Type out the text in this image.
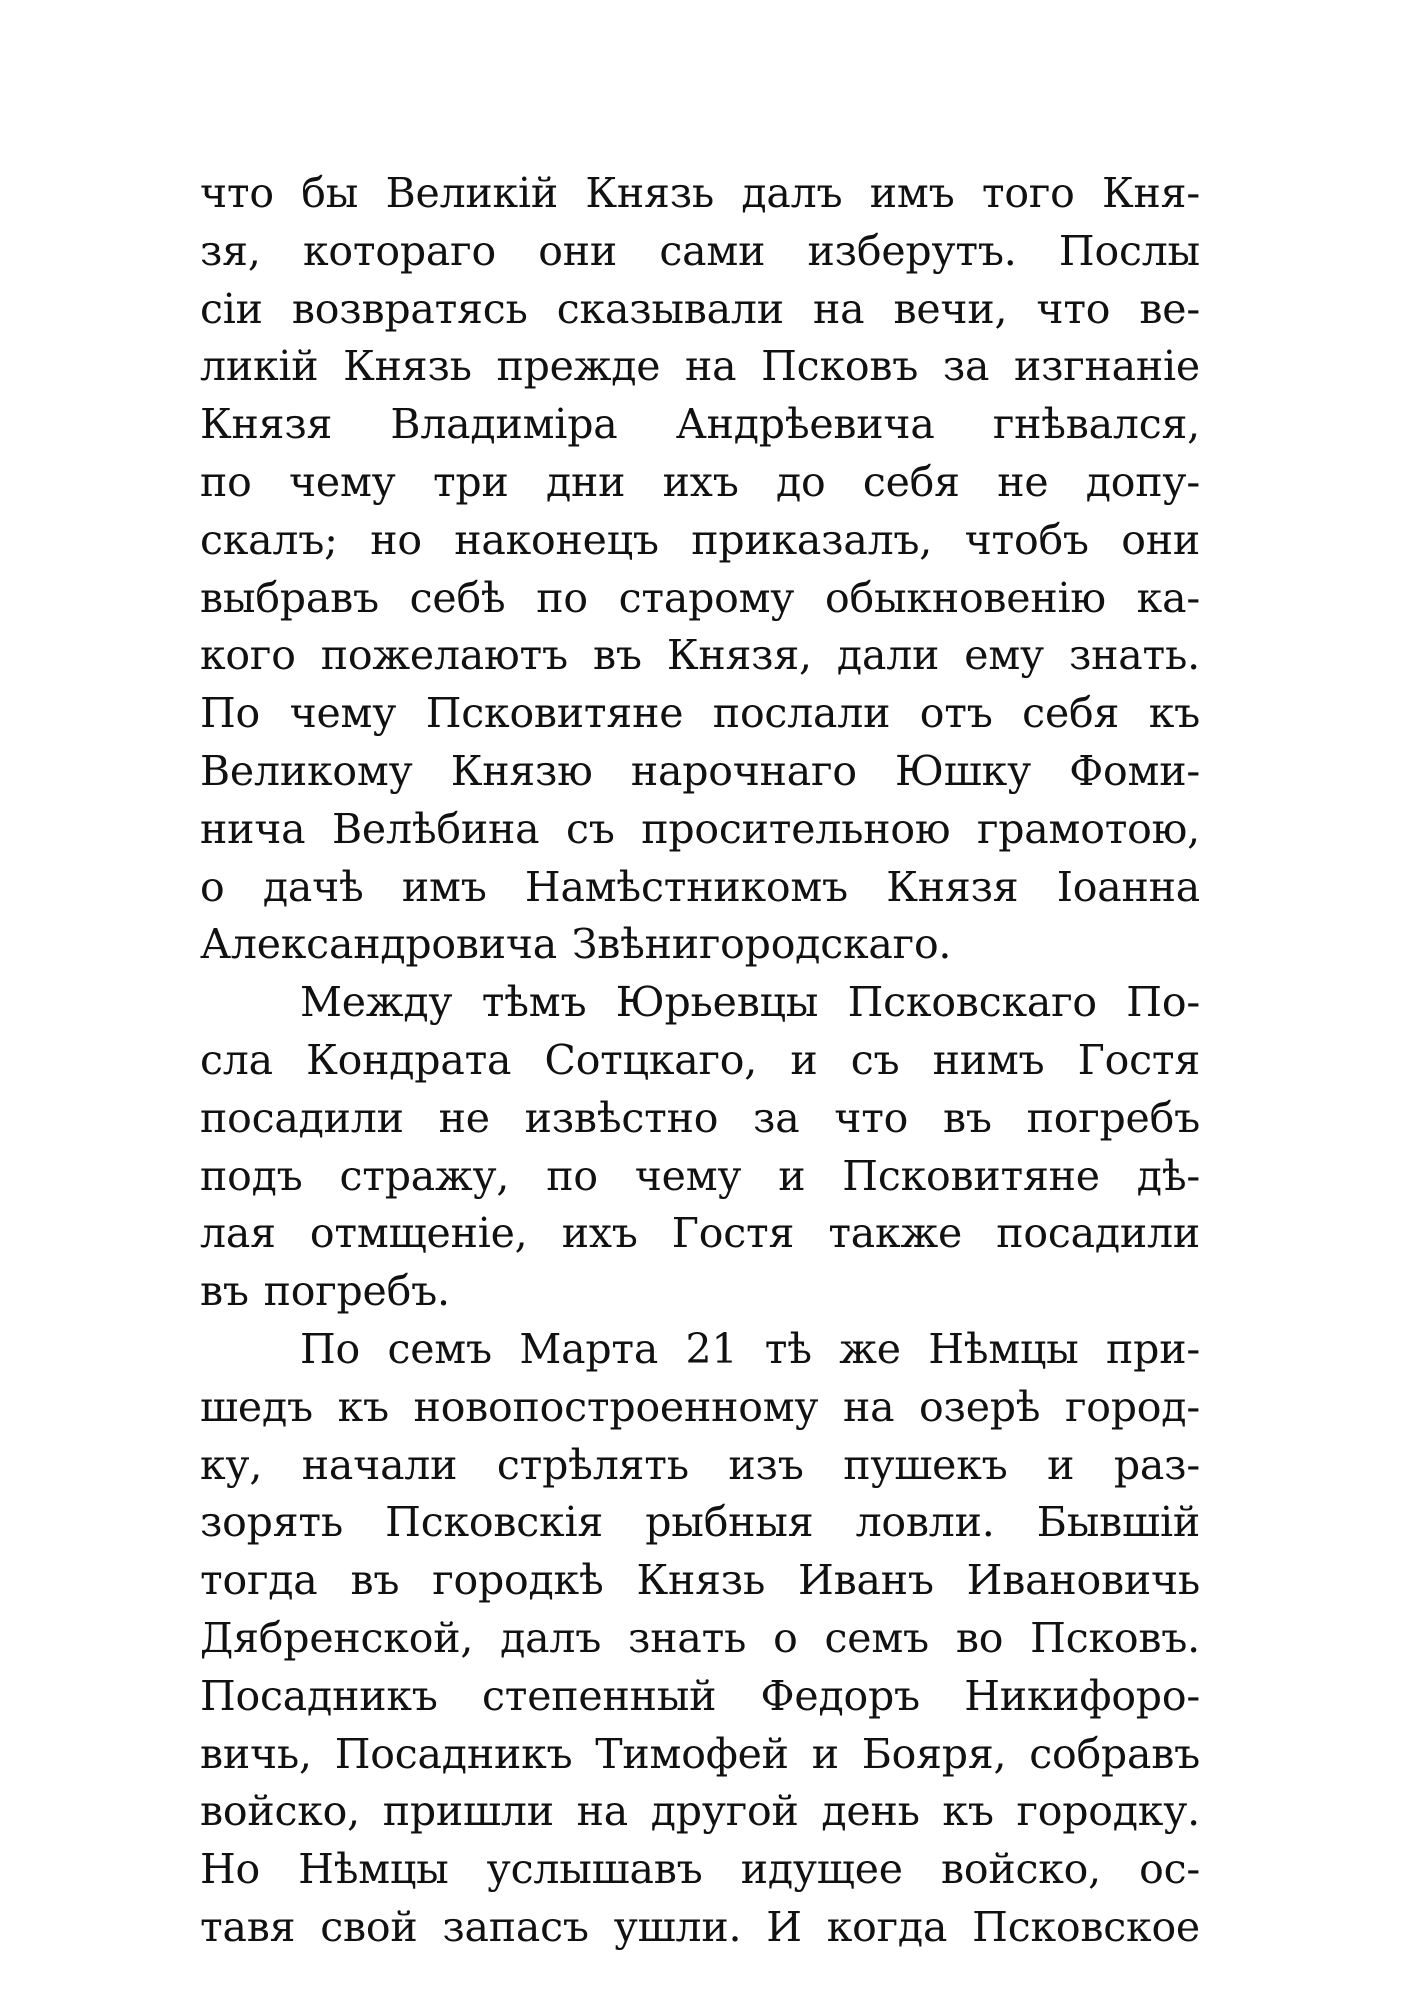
что бы Великій Князь далъ имъ того Кня-
зя, котораго они сами изберутъ. Послы
сіи возвратясь сказывали на вечи, что ве-
ликій Князь прежде на Псковъ за изгнаніе
Князя Владиміра Андрѣевича гнѣвался,
по чему три дни ихъ до себя не допу-
скалъ; но наконецъ приказалъ, чтобъ они
выбравъ себѣ по старому обыкновенію ка-
кого пожелаютъ въ Князя, дали ему знать.
По чему Псковитяне послали отъ себя къ
Великому Князю нарочнаго Юшку Фоми-
нича Велѣбина съ просительною грамотою,
о дачѣ имъ Намѣстникомъ Князя Іоанна
Александровича Звѣнигородскаго.
Между тѣмъ Юрьевцы Псковскаго По-
сла Кондрата Сотцкаго, и съ нимъ Гостя
посадили не извѣстно за что въ погребъ
подъ стражу, по чему и Псковитяне дѣ-
лая отмщеніе, ихъ Гостя также посадили
въ погребъ.
По семъ Марта 21 тѣ же Нѣмцы при-
шедъ къ новопостроенному на озерѣ город-
ку, начали стрѣлять изъ пушекъ и раз-
зорять Псковскія рыбныя ловли. Бывшій
тогда въ городкѣ Князь Иванъ Ивановичь
Дябренской, далъ знать о семъ во Псковъ.
Посадникъ степенный Федоръ Никифоро-
вичь, Посадникъ Тимофей и Бояря, собравъ
войско, пришли на другой день къ городку.
Но Нѣмцы услышавъ идущее войско, ос-
тавя свой запасъ ушли. И когда Псковское
